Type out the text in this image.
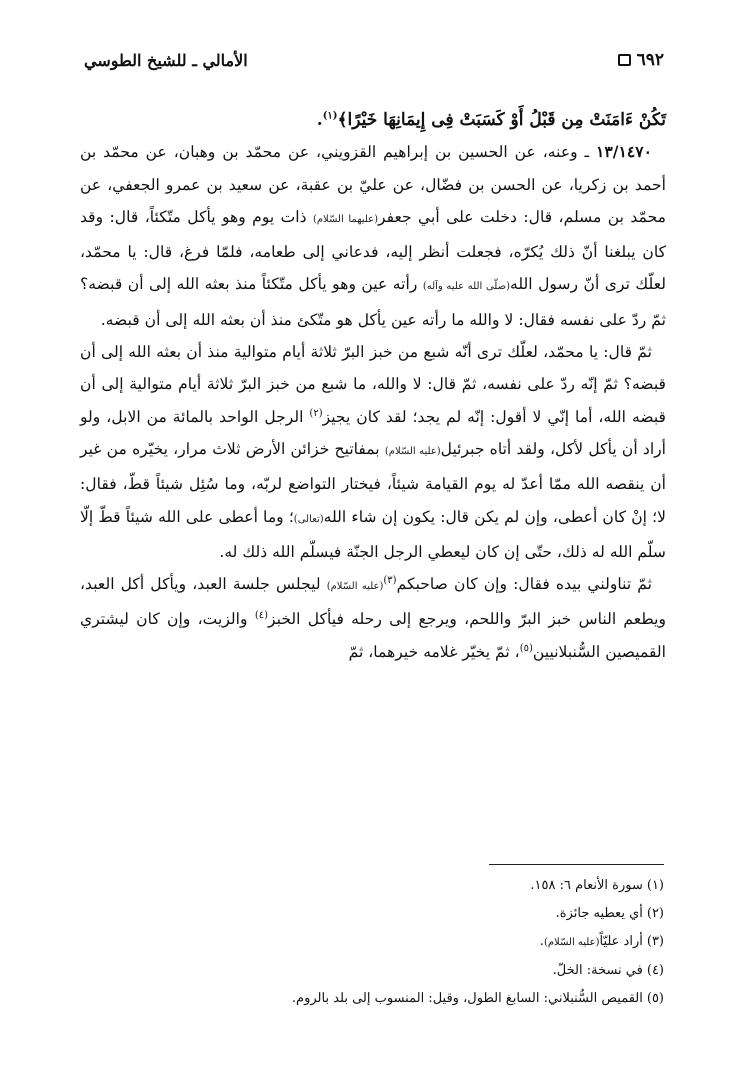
٦٩٢
الأمالي ـ للشيخ الطوسي

تَكُنْ ءَامَنَتْ مِن قَبْلُ أَوْ كَسَبَتْ فِى إِيمَانِهَا خَيْرًا﴾$^{(١)}$.

١٣/١٤٧٠ ـ وعنه، عن الحسين بن إبراهيم القزويني، عن محمّد بن وهبان، عن محمّد بن أحمد بن زكريا، عن الحسن بن فضّال، عن عليّ بن عقبة، عن سعيد بن عمرو الجعفي، عن محمّد بن مسلم، قال: دخلت على أبي جعفر(عليهما السّلام) ذات يوم وهو يأكل متّكئاً، قال: وقد كان يبلغنا أنّ ذلك يُكرّه، فجعلت أنظر إليه، فدعاني إلى طعامه، فلمّا فرغ، قال: يا محمّد، لعلّك ترى أنّ رسول الله(صلّى الله عليه وآله) رأته عين وهو يأكل متّكئاً منذ بعثه الله إلى أن قبضه؟ ثمّ ردّ على نفسه فقال: لا والله ما رأته عين يأكل هو متّكئ منذ أن بعثه الله إلى أن قبضه.

ثمّ قال: يا محمّد، لعلّك ترى أنّه شبع من خبز البرّ ثلاثة أيام متوالية منذ أن بعثه الله إلى أن قبضه؟ ثمّ إنّه ردّ على نفسه، ثمّ قال: لا والله، ما شبع من خبز البرّ ثلاثة أيام متوالية إلى أن قبضه الله، أما إنّي لا أقول: إنّه لم يجد؛ لقد كان يجيز$^{(٢)}$ الرجل الواحد بالمائة من الابل، ولو أراد أن يأكل لأكل، ولقد أتاه جبرئيل(عليه السّلام) بمفاتيح خزائن الأرض ثلاث مرار، يخيّره من غير أن ينقصه الله ممّا أعدّ له يوم القيامة شيئاً، فيختار التواضع لربّه، وما سُئِل شيئاً قطّ، فقال: لا؛ إنْ كان أعطى، وإن لم يكن قال: يكون إن شاء الله(تعالى)؛ وما أعطى على الله شيئاً قطّ إلّا سلّم الله له ذلك، حتّى إن كان ليعطي الرجل الجنّة فيسلّم الله ذلك له.

ثمّ تناولني بيده فقال: وإن كان صاحبكم$^{(٣)}$(عليه السّلام) ليجلس جلسة العبد، ويأكل أكل العبد، ويطعم الناس خبز البرّ واللحم، ويرجع إلى رحله فيأكل الخبز$^{(٤)}$ والزيت، وإن كان ليشتري القميصين السُّنبلانيين$^{(٥)}$، ثمّ يخيّر غلامه خيرهما، ثمّ

(١)سورة الأنعام ٦: ١٥٨.
(٢)أي يعطيه جائزة.
(٣)أراد عليّاً(عليه السّلام).
(٤)في نسخة: الخلّ.
(٥)القميص السُّنبلاني: السابغ الطول، وقيل: المنسوب إلى بلد بالروم.
